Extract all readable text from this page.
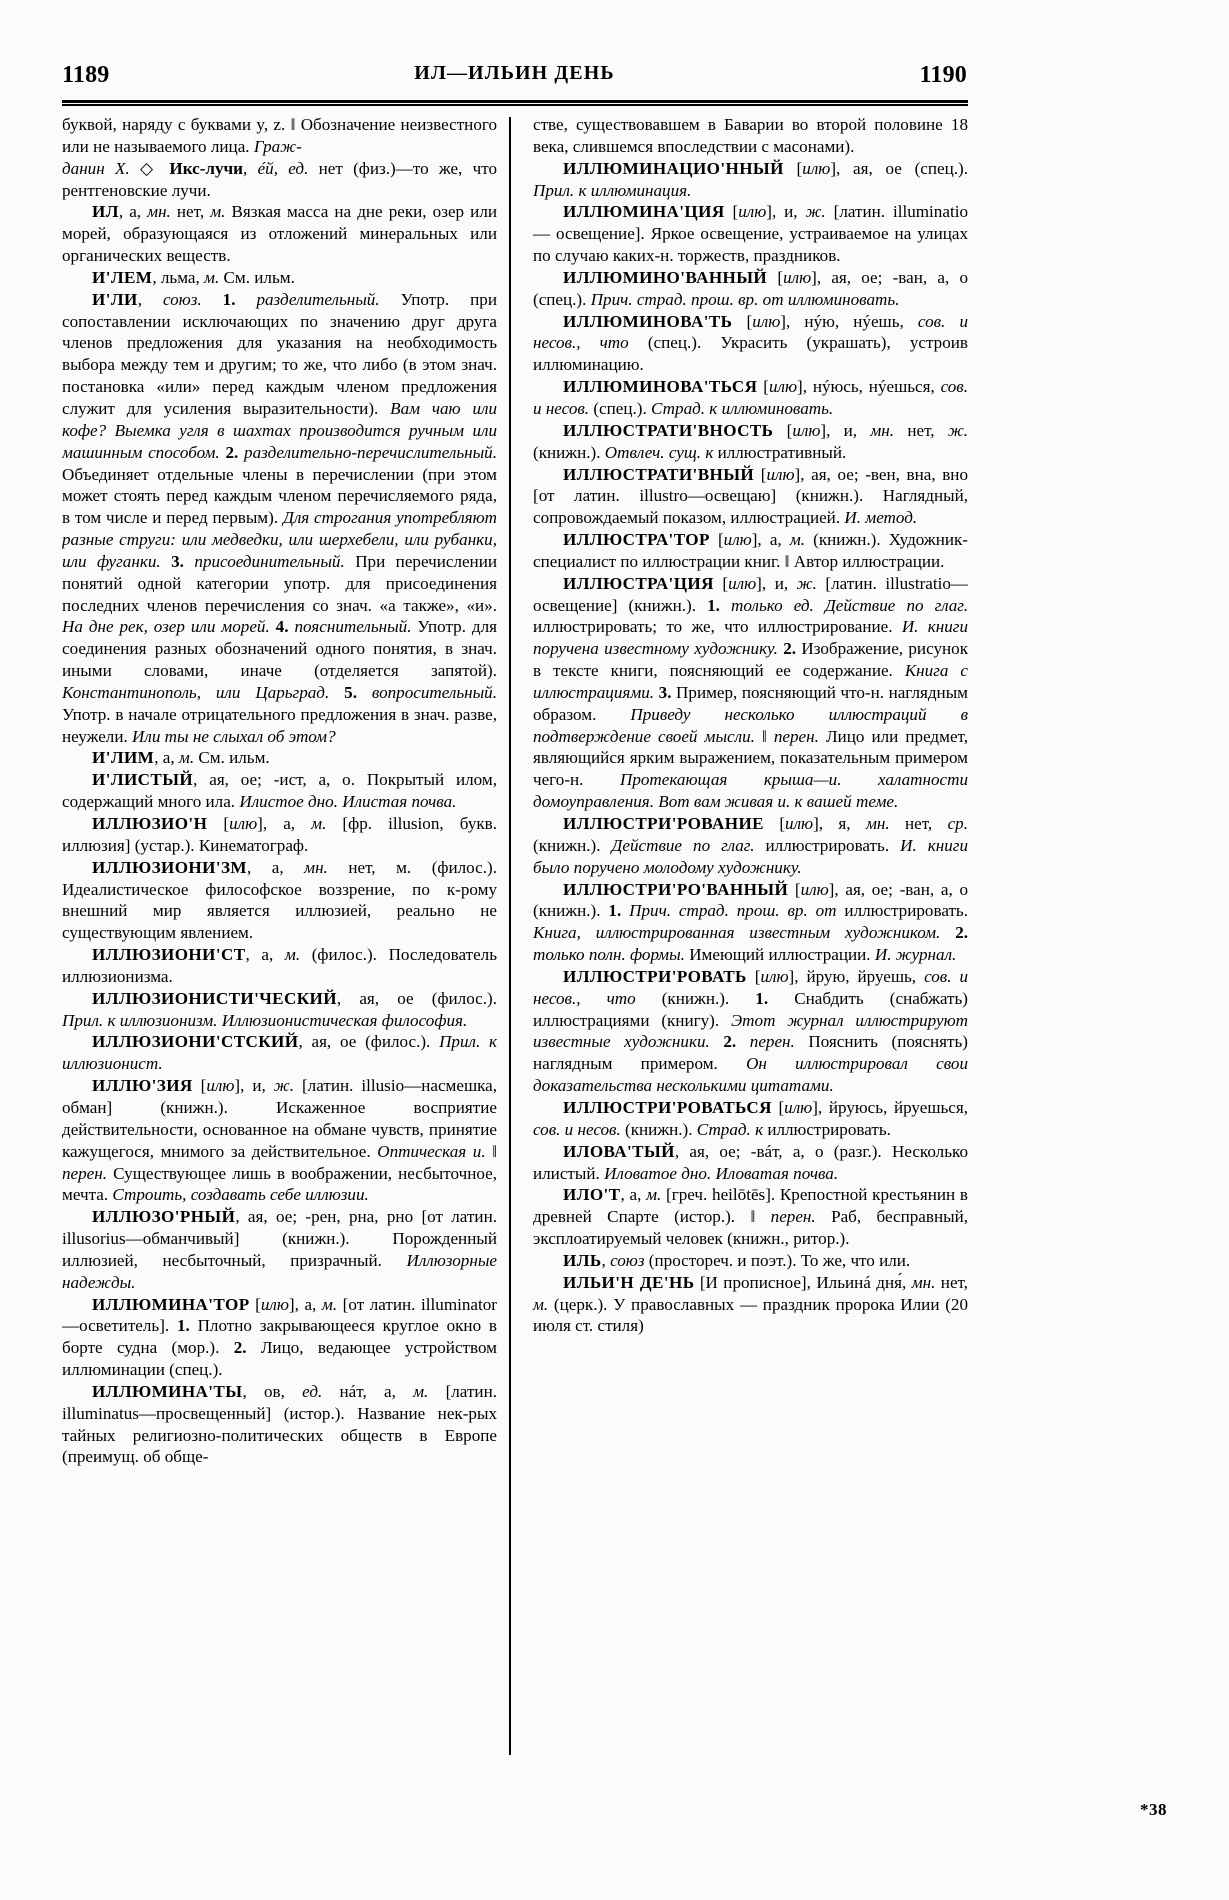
1189	ИЛ—ИЛЬИН ДЕНЬ	1190

буквой, наряду с буквами y, z. ‖ Обозначение неизвестного или не называемого лица. Граж-
данин X. ◇ Икс-лучи, éй, ед. нет (физ.)—то же, что рентгеновские лучи.

ИЛ, а, мн. нет, м. Вязкая масса на дне реки, озер или морей, образующаяся из отложений минеральных или органических веществ.

И'ЛЕМ, льма, м. См. ильм.

И'ЛИ, союз. 1. разделительный. Употр. при сопоставлении исключающих по значению друг друга членов предложения для указания на необходимость выбора между тем и другим; то же, что либо (в этом знач. постановка «или» перед каждым членом предложения служит для усиления выразительности). Вам чаю или кофе? Выемка угля в шахтах производится ручным или машинным способом. 2. разделительно-перечислительный. Объединяет отдельные члены в перечислении (при этом может стоять перед каждым членом перечисляемого ряда, в том числе и перед первым). Для строгания употребляют разные струги: или медведки, или шерхебели, или рубанки, или фуганки. 3. присоединительный. При перечислении понятий одной категории употр. для присоединения последних членов перечисления со знач. «а также», «и». На дне рек, озер или морей. 4. пояснительный. Употр. для соединения разных обозначений одного понятия, в знач. иными словами, иначе (отделяется запятой). Константинополь, или Царьград. 5. вопросительный. Употр. в начале отрицательного предложения в знач. разве, неужели. Или ты не слыхал об этом?

И'ЛИМ, а, м. См. ильм.

И'ЛИСТЫЙ, ая, ое; -ист, а, о. Покрытый илом, содержащий много ила. Илистое дно. Илистая почва.

ИЛЛЮЗИО'Н [илю], а, м. [фр. illusion, букв. иллюзия] (устар.). Кинематограф.

ИЛЛЮЗИОНИ'ЗМ, а, мн. нет, м. (филос.). Идеалистическое философское воззрение, по к-рому внешний мир является иллюзией, реально не существующим явлением.

ИЛЛЮЗИОНИ'СТ, а, м. (филос.). Последователь иллюзионизма.

ИЛЛЮЗИОНИСТИ'ЧЕСКИЙ, ая, ое (филос.). Прил. к иллюзионизм. Иллюзионистическая философия.

ИЛЛЮЗИОНИ'СТСКИЙ, ая, ое (филос.). Прил. к иллюзионист.

ИЛЛЮ'ЗИЯ [илю], и, ж. [латин. illusio—насмешка, обман] (книжн.). Искаженное восприятие действительности, основанное на обмане чувств, принятие кажущегося, мнимого за действительное. Оптическая и. ‖ перен. Существующее лишь в воображении, несбыточное, мечта. Строить, создавать себе иллюзии.

ИЛЛЮЗО'РНЫЙ, ая, ое; -рен, рна, рно [от латин. illusorius—обманчивый] (книжн.). Порожденный иллюзией, несбыточный, призрачный. Иллюзорные надежды.

ИЛЛЮМИНА'ТОР [илю], а, м. [от латин. illuminator—осветитель]. 1. Плотно закрывающееся круглое окно в борте судна (мор.). 2. Лицо, ведающее устройством иллюминации (спец.).

ИЛЛЮМИНА'ТЫ, ов, ед. нáт, а, м. [латин. illuminatus—просвещенный] (истор.). Название нек-рых тайных религиозно-политических обществ в Европе (преимущ. об обще-

стве, существовавшем в Баварии во второй половине 18 века, слившемся впоследствии с масонами).

ИЛЛЮМИНАЦИО'ННЫЙ [илю], ая, ое (спец.). Прил. к иллюминация.

ИЛЛЮМИНА'ЦИЯ [илю], и, ж. [латин. illuminatio — освещение]. Яркое освещение, устраиваемое на улицах по случаю каких-н. торжеств, праздников.

ИЛЛЮМИНО'ВАННЫЙ [илю], ая, ое; -ван, а, о (спец.). Прич. страд. прош. вр. от иллюминовать.

ИЛЛЮМИНОВА'ТЬ [илю], нýю, нýешь, сов. и несов., что (спец.). Украсить (украшать), устроив иллюминацию.

ИЛЛЮМИНОВА'ТЬСЯ [илю], нýюсь, нýешься, сов. и несов. (спец.). Страд. к иллюминовать.

ИЛЛЮСТРАТИ'ВНОСТЬ [илю], и, мн. нет, ж. (книжн.). Отвлеч. сущ. к иллюстративный.

ИЛЛЮСТРАТИ'ВНЫЙ [илю], ая, ое; -вен, вна, вно [от латин. illustro—освещаю] (книжн.). Наглядный, сопровождаемый показом, иллюстрацией. И. метод.

ИЛЛЮСТРА'ТОР [илю], а, м. (книжн.). Художник-специалист по иллюстрации книг. ‖ Автор иллюстрации.

ИЛЛЮСТРА'ЦИЯ [илю], и, ж. [латин. illustratio—освещение] (книжн.). 1. только ед. Действие по глаг. иллюстрировать; то же, что иллюстрирование. И. книги поручена известному художнику. 2. Изображение, рисунок в тексте книги, поясняющий ее содержание. Книга с иллюстрациями. 3. Пример, поясняющий что-н. наглядным образом. Приведу несколько иллюстраций в подтверждение своей мысли. ‖ перен. Лицо или предмет, являющийся ярким выражением, показательным примером чего-н. Протекающая крыша—и. халатности домоуправления. Вот вам живая и. к вашей теме.

ИЛЛЮСТРИ'РОВАНИЕ [илю], я, мн. нет, ср. (книжн.). Действие по глаг. иллюстрировать. И. книги было поручено молодому художнику.

ИЛЛЮСТРИ'РО'ВАННЫЙ [илю], ая, ое; -ван, а, о (книжн.). 1. Прич. страд. прош. вр. от иллюстрировать. Книга, иллюстрированная известным художником. 2. только полн. формы. Имеющий иллюстрации. И. журнал.

ИЛЛЮСТРИ'РОВАТЬ [илю], йрую, йруешь, сов. и несов., что (книжн.). 1. Снабдить (снабжать) иллюстрациями (книгу). Этот журнал иллюстрируют известные художники. 2. перен. Пояснить (пояснять) наглядным примером. Он иллюстрировал свои доказательства несколькими цитатами.

ИЛЛЮСТРИ'РОВАТЬСЯ [илю], йруюсь, йруешься, сов. и несов. (книжн.). Страд. к иллюстрировать.

ИЛОВА'ТЫЙ, ая, ое; -вáт, а, о (разг.). Несколько илистый. Иловатое дно. Иловатая почва.

ИЛО'Т, а, м. [греч. heilōtēs]. Крепостной крестьянин в древней Спарте (истор.). ‖ перен. Раб, бесправный, эксплоатируемый человек (книжн., ритор.).

ИЛЬ, союз (простореч. и поэт.). То же, что или.

ИЛЬИ'Н ДЕ'НЬ [И прописное], Ильинá дня́, мн. нет, м. (церк.). У православных — праздник пророка Илии (20 июля ст. стиля)

*38
